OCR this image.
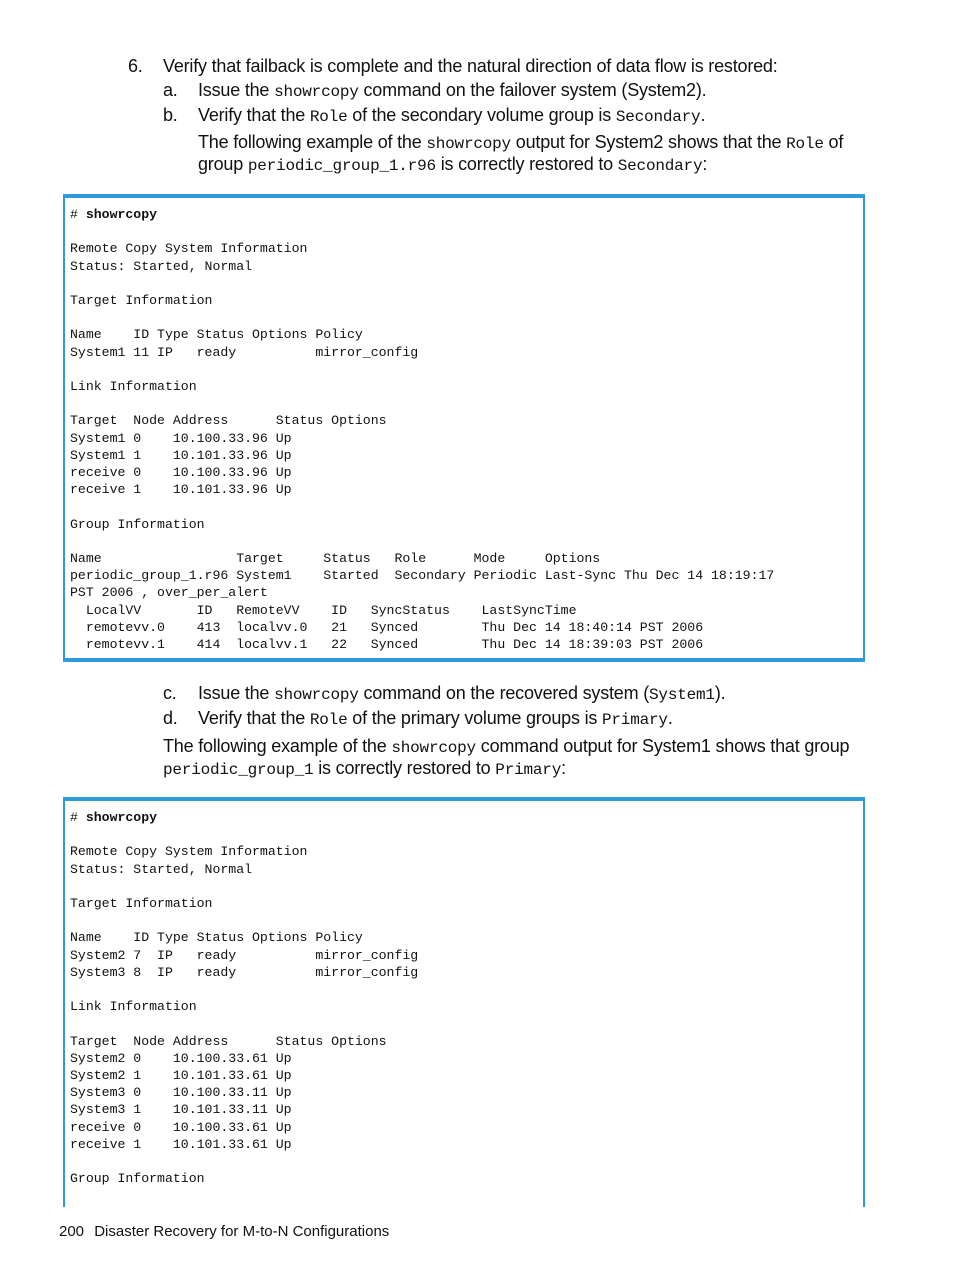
6. Verify that failback is complete and the natural direction of data flow is restored:
a. Issue the showrcopy command on the failover system (System2).
b. Verify that the Role of the secondary volume group is Secondary.
The following example of the showrcopy output for System2 shows that the Role of
group periodic_group_1.r96 is correctly restored to Secondary:
# showrcopy

Remote Copy System Information
Status: Started, Normal

Target Information

Name    ID Type Status Options Policy
System1 11 IP   ready          mirror_config

Link Information

Target  Node Address      Status Options
System1 0    10.100.33.96 Up
System1 1    10.101.33.96 Up
receive 0    10.100.33.96 Up
receive 1    10.101.33.96 Up

Group Information

Name                 Target     Status   Role      Mode     Options
periodic_group_1.r96 System1    Started  Secondary Periodic Last-Sync Thu Dec 14 18:19:17
PST 2006 , over_per_alert
LocalVV       ID   RemoteVV    ID   SyncStatus    LastSyncTime
remotevv.0    413  localvv.0   21   Synced        Thu Dec 14 18:40:14 PST 2006
remotevv.1    414  localvv.1   22   Synced        Thu Dec 14 18:39:03 PST 2006
c. Issue the showrcopy command on the recovered system (System1).
d. Verify that the Role of the primary volume groups is Primary.
The following example of the showrcopy command output for System1 shows that group
periodic_group_1 is correctly restored to Primary:
# showrcopy

Remote Copy System Information
Status: Started, Normal

Target Information

Name    ID Type Status Options Policy
System2 7  IP   ready          mirror_config
System3 8  IP   ready          mirror_config

Link Information

Target  Node Address      Status Options
System2 0    10.100.33.61 Up
System2 1    10.101.33.61 Up
System3 0    10.100.33.11 Up
System3 1    10.101.33.11 Up
receive 0    10.100.33.61 Up
receive 1    10.101.33.61 Up

Group Information
200 Disaster Recovery for M-to-N Configurations
